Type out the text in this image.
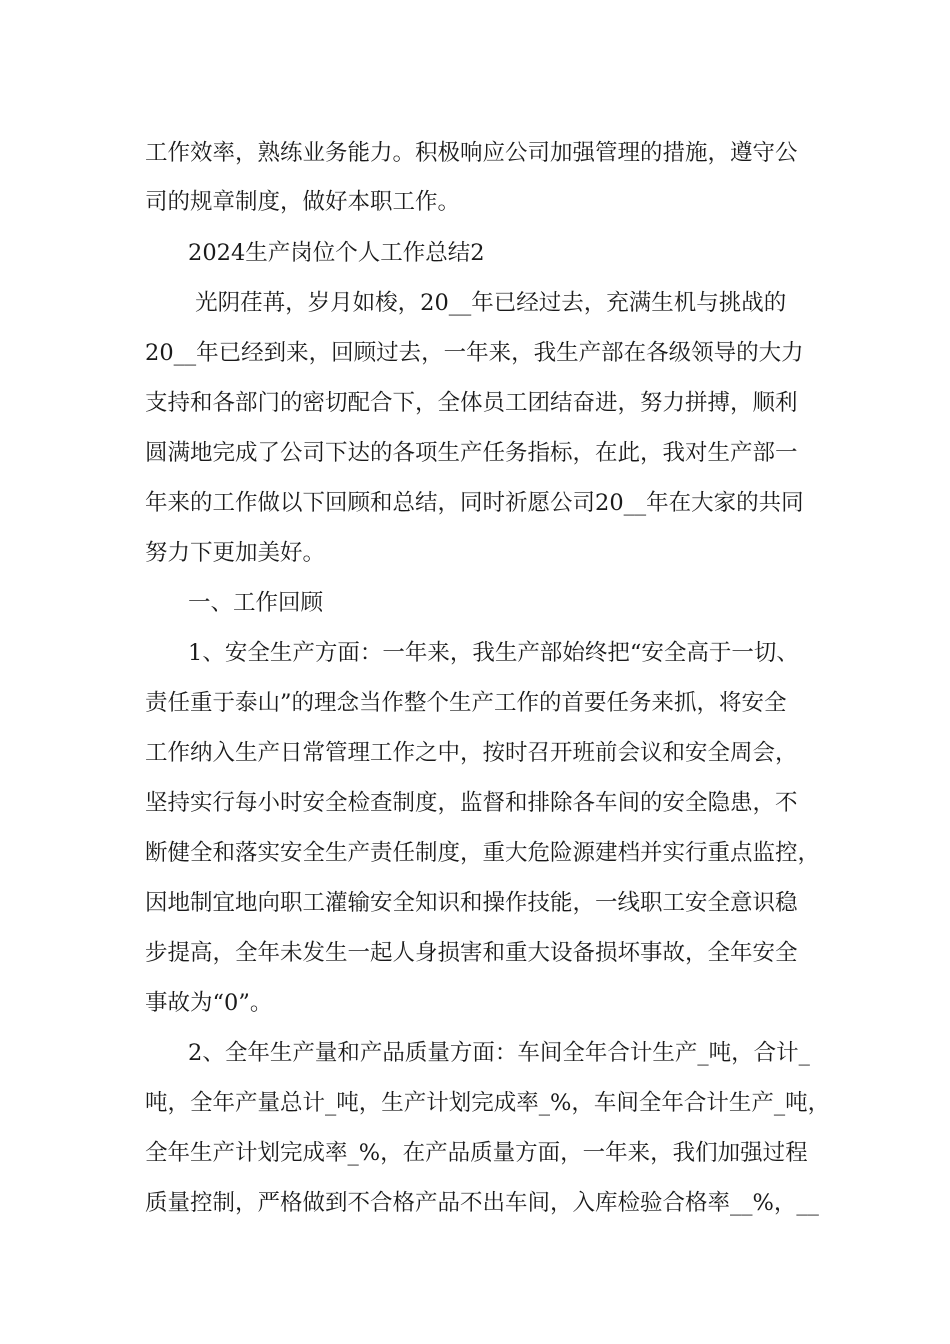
工作效率，熟练业务能力。积极响应公司加强管理的措施，遵守公
司的规章制度，做好本职工作。
2024生产岗位个人工作总结2
光阴荏苒，岁月如梭，20__年已经过去，充满生机与挑战的
20__年已经到来，回顾过去，一年来，我生产部在各级领导的大力
支持和各部门的密切配合下，全体员工团结奋进，努力拼搏，顺利
圆满地完成了公司下达的各项生产任务指标，在此，我对生产部一
年来的工作做以下回顾和总结，同时祈愿公司20__年在大家的共同
努力下更加美好。
一、工作回顾
1、安全生产方面：一年来，我生产部始终把“安全高于一切、
责任重于泰山”的理念当作整个生产工作的首要任务来抓，将安全
工作纳入生产日常管理工作之中，按时召开班前会议和安全周会，
坚持实行每小时安全检查制度，监督和排除各车间的安全隐患，不
断健全和落实安全生产责任制度，重大危险源建档并实行重点监控，
因地制宜地向职工灌输安全知识和操作技能，一线职工安全意识稳
步提高，全年未发生一起人身损害和重大设备损坏事故，全年安全
事故为“0”。
2、全年生产量和产品质量方面：车间全年合计生产_吨，合计_
吨，全年产量总计_吨，生产计划完成率_%，车间全年合计生产_吨，
全年生产计划完成率_%，在产品质量方面，一年来，我们加强过程
质量控制，严格做到不合格产品不出车间，入库检验合格率__%，__
